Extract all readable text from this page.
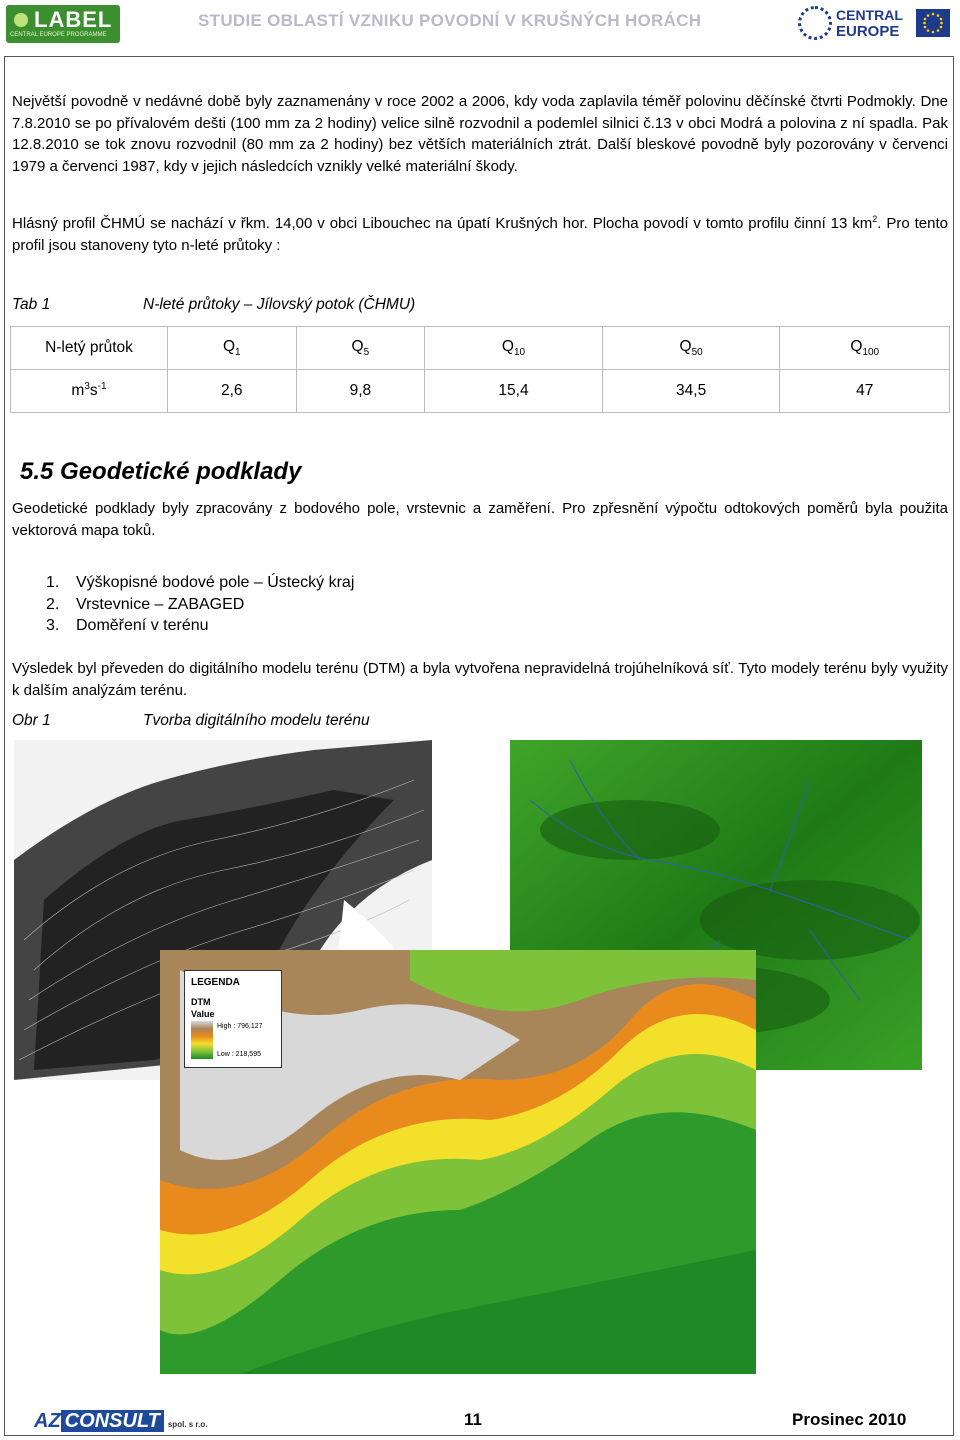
LABEL
CENTRAL EUROPE PROGRAMME
STUDIE OBLASTÍ VZNIKU POVODNÍ V KRUŠNÝCH HORÁCH	CENTRAL
EUROPE
Největší povodně v nedávné době byly zaznamenány v roce 2002 a 2006, kdy voda zaplavila téměř polovinu děčínské čtvrti Podmokly. Dne 7.8.2010 se po přívalovém dešti (100 mm za 2 hodiny) velice silně rozvodnil a podemlel silnici č.13 v obci Modrá a polovina z ní spadla. Pak 12.8.2010 se tok znovu rozvodnil (80 mm za 2 hodiny) bez větších materiálních ztrát. Další bleskové povodně byly pozorovány v červenci 1979 a červenci 1987, kdy v jejich následcích vznikly velké materiální škody.
Hlásný profil ČHMÚ se nachází v řkm. 14,00 v obci Libouchec na úpatí Krušných hor. Plocha povodí v tomto profilu činní 13 $km^2$. Pro tento profil jsou stanoveny tyto n-leté průtoky :
Tab 1	N-leté průtoky – Jílovský potok (ČHMU)
N-letý průtok	$Q_1$	$Q_5$	$Q_{10}$	$Q_{50}$	$Q_{100}$
$m^3s^{-1}$	2,6	9,8	15,4	34,5	47
5.5 Geodetické podklady
Geodetické podklady byly zpracovány z bodového pole, vrstevnic a zaměření. Pro zpřesnění výpočtu odtokových poměrů byla použita vektorová mapa toků.
1. Výškopisné bodové pole – Ústecký kraj
2. Vrstevnice – ZABAGED
3. Doměření v terénu
Výsledek byl převeden do digitálního modelu terénu (DTM) a byla vytvořena nepravidelná trojúhelníková síť. Tyto modely terénu byly využity k dalším analýzám terénu.
Obr 1	Tvorba digitálního modelu terénu
LEGENDA
DTM
Value
High : 796,127
Low : 218,595
AZ CONSULT spol. s r.o.	11	Prosinec 2010
